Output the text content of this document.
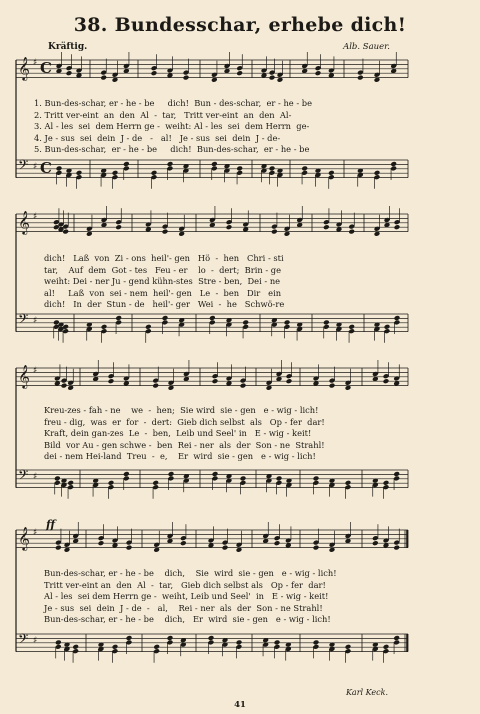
38. Bundesschar, erhebe dich!
Kräftig.	Alb. Sauer.
𝄞
𝄢
♯
♯
C
C
𝄞
𝄢
♯
♯
𝄞
𝄢
♯
♯
𝄞
𝄢
♯
♯
ff
1. Bun-des-schar, er - he - be     dich!  Bun - des-schar,  er - he - be
2. Tritt ver-eint  an  den  Al  -  tar,   Tritt ver-eint  an  den  Al-
3. Al - les  sei  dem Herrn ge -  weiht: Al - les  sei  dem Herrn  ge-
4. Je - sus  sei  dein  J - de   -   al!   Je - sus  sei  dein  J - de-
5. Bun-des-schar,  er - he - be     dich!  Bun-des-schar,  er - he - be
dich!   Laß  von  Zi - ons  heil'- gen   Hö  -  hen   Chri - sti
tar,    Auf  dem  Got - tes   Feu - er    lo  -  dert;  Brin - ge
weiht: Dei - ner Ju - gend kühn-stes  Stre - ben,  Dei - ne
al!     Laß  von  sei - nem  heil'- gen   Le  -  ben   Dir   ein
dich!   In  der  Stun - de   heil'- ger   Wei  -  he   Schwö-re
Kreu-zes - fah - ne    we  -  hen;  Sie wird  sie - gen   e - wig - lich!
freu - dig,  was  er  for  -  dert:  Gieb dich selbst  als   Op - fer  dar!
Kraft, dein gan-zes  Le  -  ben,  Leib und Seel' in   E - wig - keit!
Bild  vor Au - gen schwe -  ben  Rei - ner  als  der  Son - ne  Strahl!
dei - nem Hei-land  Treu  -  e,    Er  wird  sie - gen   e - wig - lich!
Bun-des-schar, er - he - be    dich,    Sie  wird  sie - gen   e - wig - lich!
Tritt ver-eint an  den  Al  -  tar,   Gieb dich selbst als   Op - fer  dar!
Al - les  sei dem Herrn ge -  weiht, Leib und Seel'  in   E - wig - keit!
Je - sus  sei  dein  J - de  -   al,    Rei - ner  als  der  Son - ne Strahl!
Bun-des-schar, er - he - be    dich,   Er  wird  sie - gen   e - wig - lich!
Karl Keck.
41
